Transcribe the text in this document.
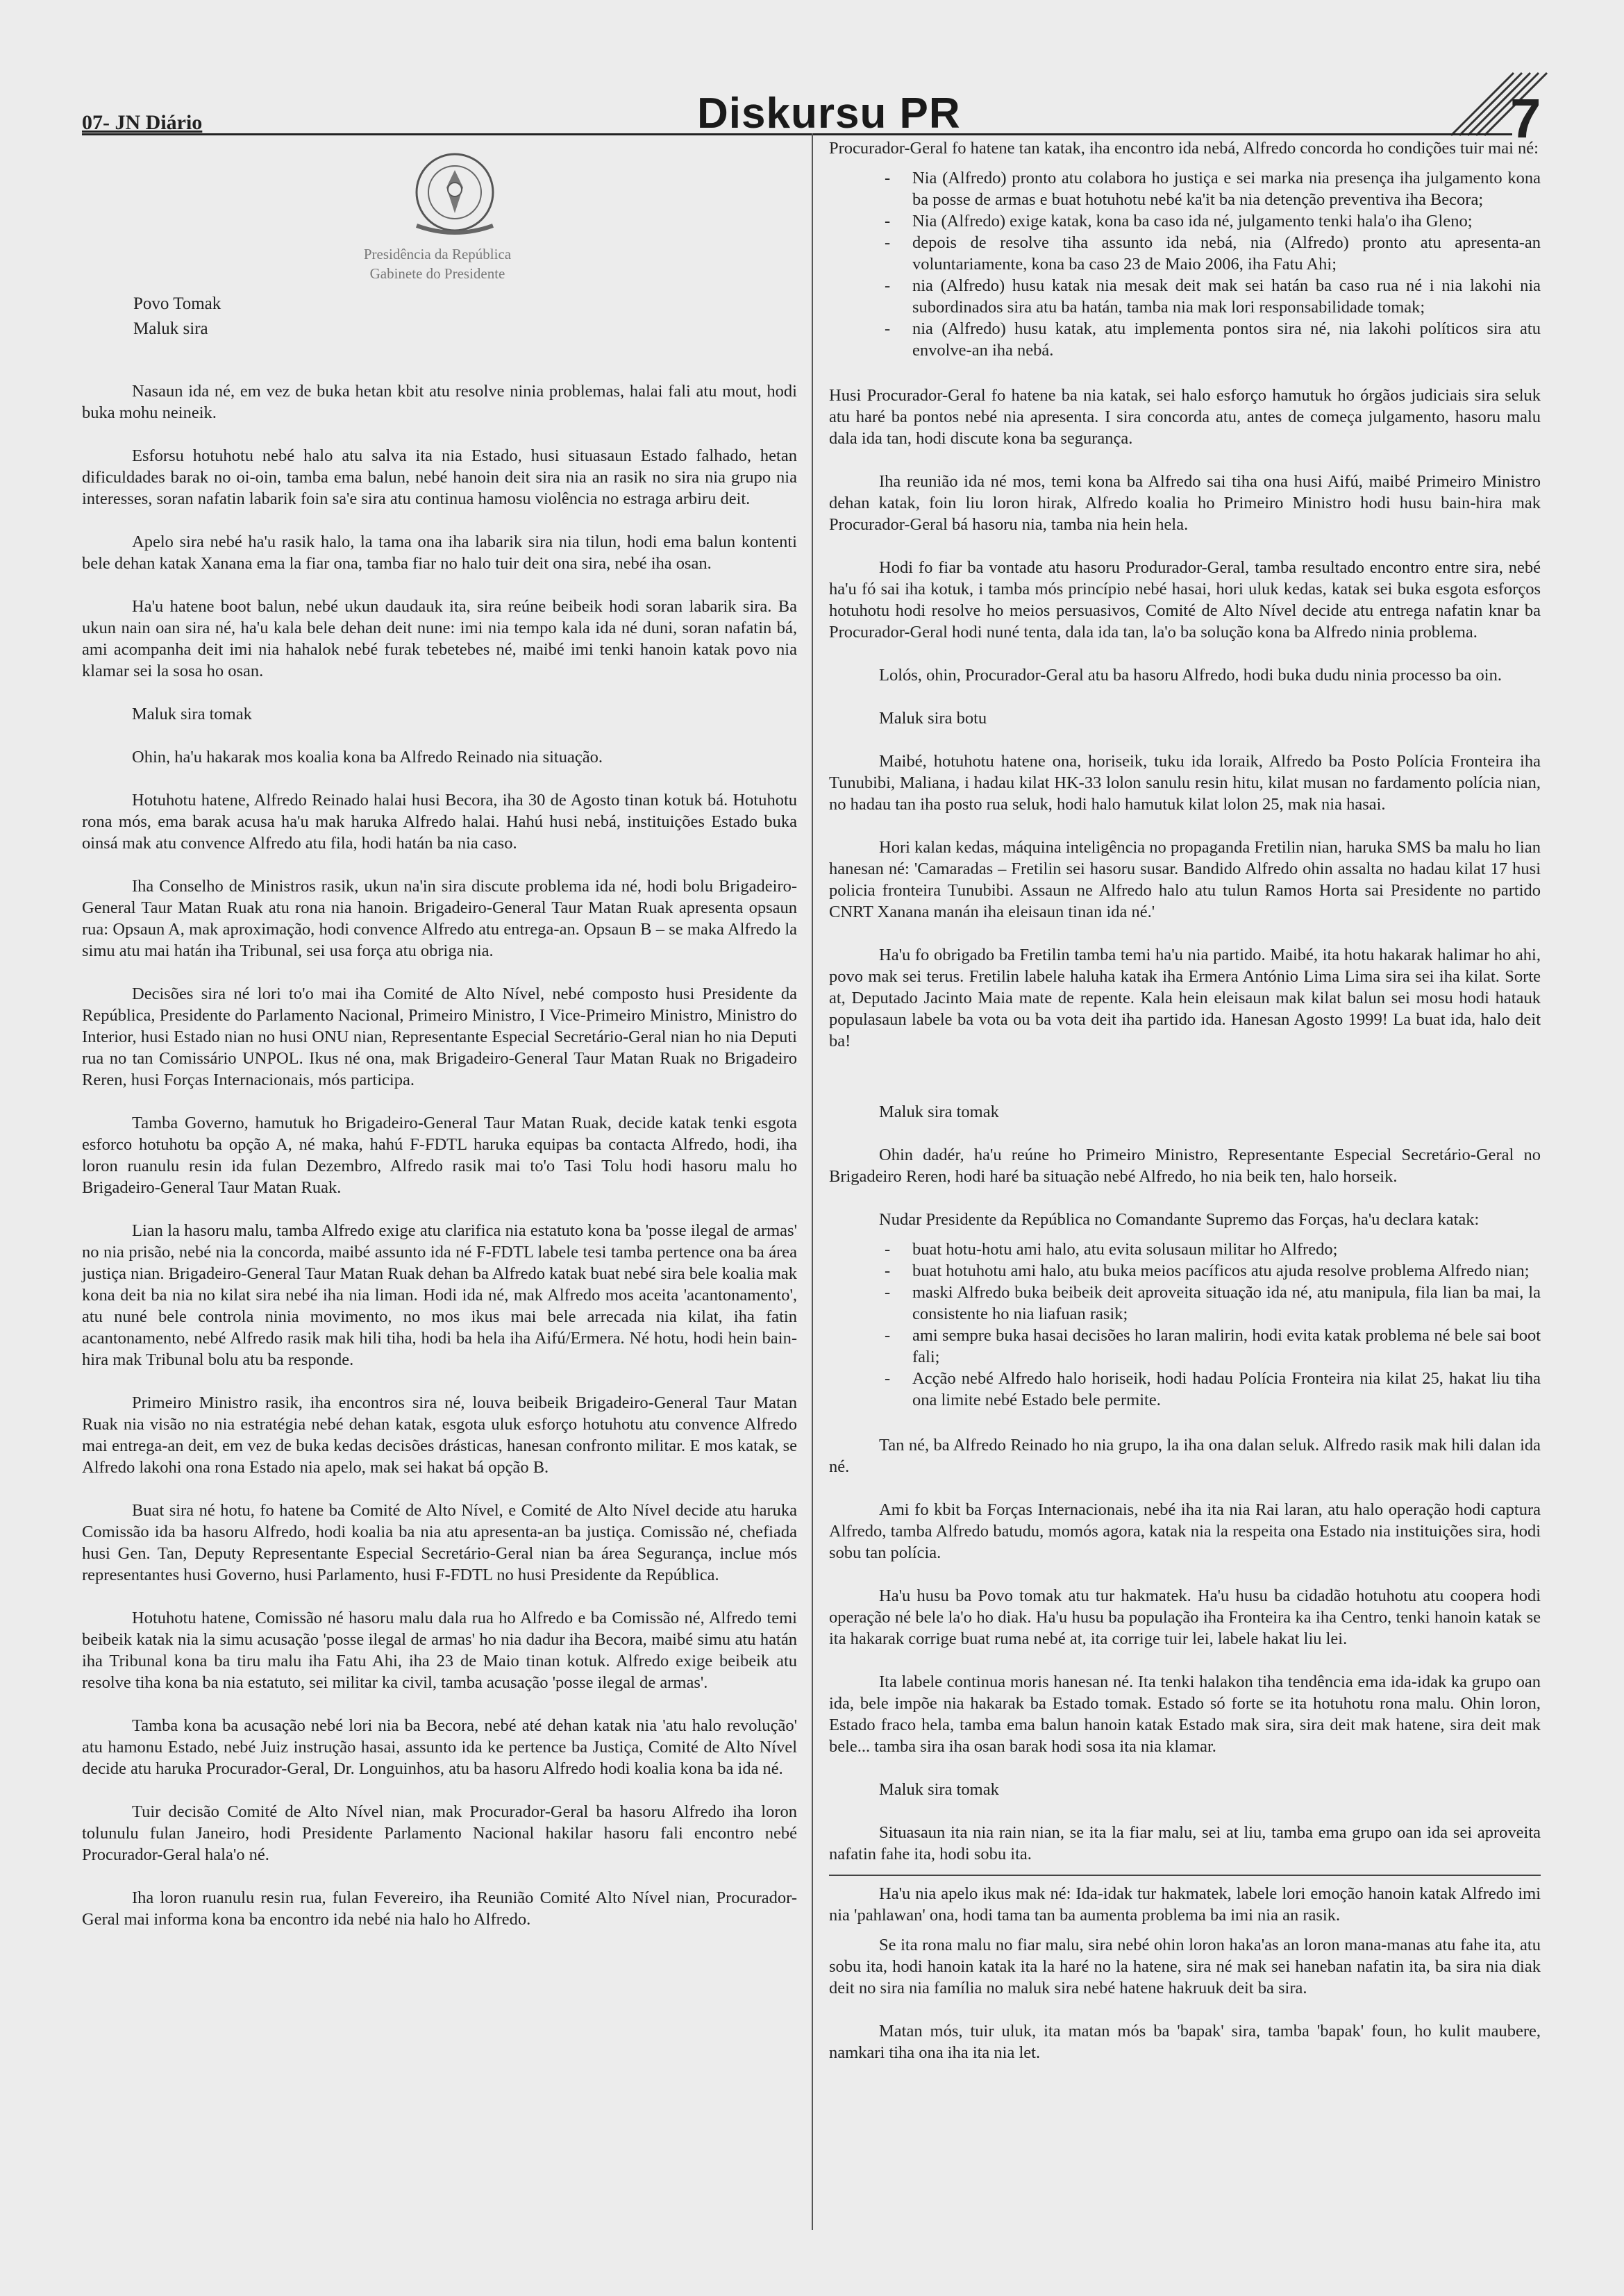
07- JN Diário	Diskursu PR	7
Presidência da República
Gabinete do Presidente
Povo Tomak
Maluk sira

Nasaun ida né, em vez de buka hetan kbit atu resolve ninia problemas, halai fali atu mout, hodi buka mohu neineik.

Esforsu hotuhotu nebé halo atu salva ita nia Estado, husi situasaun Estado falhado, hetan dificuldades barak no oi-oin, tamba ema balun, nebé hanoin deit sira nia an rasik no sira nia grupo nia interesses, soran nafatin labarik foin sa'e sira atu continua hamosu violência no estraga arbiru deit.

Apelo sira nebé ha'u rasik halo, la tama ona iha labarik sira nia tilun, hodi ema balun kontenti bele dehan katak Xanana ema la fiar ona, tamba fiar no halo tuir deit ona sira, nebé iha osan.

Ha'u hatene boot balun, nebé ukun daudauk ita, sira reúne beibeik hodi soran labarik sira. Ba ukun nain oan sira né, ha'u kala bele dehan deit nune: imi nia tempo kala ida né duni, soran nafatin bá, ami acompanha deit imi nia hahalok nebé furak tebetebes né, maibé imi tenki hanoin katak povo nia klamar sei la sosa ho osan.

Maluk sira tomak

Ohin, ha'u hakarak mos koalia kona ba Alfredo Reinado nia situação.

Hotuhotu hatene, Alfredo Reinado halai husi Becora, iha 30 de Agosto tinan kotuk bá. Hotuhotu rona mós, ema barak acusa ha'u mak haruka Alfredo halai. Hahú husi nebá, instituições Estado buka oinsá mak atu convence Alfredo atu fila, hodi hatán ba nia caso.

Iha Conselho de Ministros rasik, ukun na'in sira discute problema ida né, hodi bolu Brigadeiro-General Taur Matan Ruak atu rona nia hanoin. Brigadeiro-General Taur Matan Ruak apresenta opsaun rua: Opsaun A, mak aproximação, hodi convence Alfredo atu entrega-an. Opsaun B – se maka Alfredo la simu atu mai hatán iha Tribunal, sei usa força atu obriga nia.

Decisões sira né lori to'o mai iha Comité de Alto Nível, nebé composto husi Presidente da República, Presidente do Parlamento Nacional, Primeiro Ministro, I Vice-Primeiro Ministro, Ministro do Interior, husi Estado nian no husi ONU nian, Representante Especial Secretário-Geral nian ho nia Deputi rua no tan Comissário UNPOL. Ikus né ona, mak Brigadeiro-General Taur Matan Ruak no Brigadeiro Reren, husi Forças Internacionais, mós participa.

Tamba Governo, hamutuk ho Brigadeiro-General Taur Matan Ruak, decide katak tenki esgota esforco hotuhotu ba opção A, né maka, hahú F-FDTL haruka equipas ba contacta Alfredo, hodi, iha loron ruanulu resin ida fulan Dezembro, Alfredo rasik mai to'o Tasi Tolu hodi hasoru malu ho Brigadeiro-General Taur Matan Ruak.

Lian la hasoru malu, tamba Alfredo exige atu clarifica nia estatuto kona ba 'posse ilegal de armas' no nia prisão, nebé nia la concorda, maibé assunto ida né F-FDTL labele tesi tamba pertence ona ba área justiça nian. Brigadeiro-General Taur Matan Ruak dehan ba Alfredo katak buat nebé sira bele koalia mak kona deit ba nia no kilat sira nebé iha nia liman. Hodi ida né, mak Alfredo mos aceita 'acantonamento', atu nuné bele controla ninia movimento, no mos ikus mai bele arrecada nia kilat, iha fatin acantonamento, nebé Alfredo rasik mak hili tiha, hodi ba hela iha Aifú/Ermera. Né hotu, hodi hein bain-hira mak Tribunal bolu atu ba responde.

Primeiro Ministro rasik, iha encontros sira né, louva beibeik Brigadeiro-General Taur Matan Ruak nia visão no nia estratégia nebé dehan katak, esgota uluk esforço hotuhotu atu convence Alfredo mai entrega-an deit, em vez de buka kedas decisões drásticas, hanesan confronto militar. E mos katak, se Alfredo lakohi ona rona Estado nia apelo, mak sei hakat bá opção B.

Buat sira né hotu, fo hatene ba Comité de Alto Nível, e Comité de Alto Nível decide atu haruka Comissão ida ba hasoru Alfredo, hodi koalia ba nia atu apresenta-an ba justiça. Comissão né, chefiada husi Gen. Tan, Deputy Representante Especial Secretário-Geral nian ba área Segurança, inclue mós representantes husi Governo, husi Parlamento, husi F-FDTL no husi Presidente da República.

Hotuhotu hatene, Comissão né hasoru malu dala rua ho Alfredo e ba Comissão né, Alfredo temi beibeik katak nia la simu acusação 'posse ilegal de armas' ho nia dadur iha Becora, maibé simu atu hatán iha Tribunal kona ba tiru malu iha Fatu Ahi, iha 23 de Maio tinan kotuk. Alfredo exige beibeik atu resolve tiha kona ba nia estatuto, sei militar ka civil, tamba acusação 'posse ilegal de armas'.

Tamba kona ba acusação nebé lori nia ba Becora, nebé até dehan katak nia 'atu halo revolução' atu hamonu Estado, nebé Juiz instrução hasai, assunto ida ke pertence ba Justiça, Comité de Alto Nível decide atu haruka Procurador-Geral, Dr. Longuinhos, atu ba hasoru Alfredo hodi koalia kona ba ida né.

Tuir decisão Comité de Alto Nível nian, mak Procurador-Geral ba hasoru Alfredo iha loron tolunulu fulan Janeiro, hodi Presidente Parlamento Nacional hakilar hasoru fali encontro nebé Procurador-Geral hala'o né.

Iha loron ruanulu resin rua, fulan Fevereiro, iha Reunião Comité Alto Nível nian, Procurador-Geral mai informa kona ba encontro ida nebé nia halo ho Alfredo.

Procurador-Geral fo hatene tan katak, iha encontro ida nebá, Alfredo concorda ho condições tuir mai né:

- Nia (Alfredo) pronto atu colabora ho justiça e sei marka nia presença iha julgamento kona ba posse de armas e buat hotuhotu nebé ka'it ba nia detenção preventiva iha Becora;
- Nia (Alfredo) exige katak, kona ba caso ida né, julgamento tenki hala'o iha Gleno;
- depois de resolve tiha assunto ida nebá, nia (Alfredo) pronto atu apresenta-an voluntariamente, kona ba caso 23 de Maio 2006, iha Fatu Ahi;
- nia (Alfredo) husu katak nia mesak deit mak sei hatán ba caso rua né i nia lakohi nia subordinados sira atu ba hatán, tamba nia mak lori responsabilidade tomak;
- nia (Alfredo) husu katak, atu implementa pontos sira né, nia lakohi políticos sira atu envolve-an iha nebá.

Husi Procurador-Geral fo hatene ba nia katak, sei halo esforço hamutuk ho órgãos judiciais sira seluk atu haré ba pontos nebé nia apresenta. I sira concorda atu, antes de começa julgamento, hasoru malu dala ida tan, hodi discute kona ba segurança.

Iha reunião ida né mos, temi kona ba Alfredo sai tiha ona husi Aifú, maibé Primeiro Ministro dehan katak, foin liu loron hirak, Alfredo koalia ho Primeiro Ministro hodi husu bain-hira mak Procurador-Geral bá hasoru nia, tamba nia hein hela.

Hodi fo fiar ba vontade atu hasoru Produrador-Geral, tamba resultado encontro entre sira, nebé ha'u fó sai iha kotuk, i tamba mós princípio nebé hasai, hori uluk kedas, katak sei buka esgota esforços hotuhotu hodi resolve ho meios persuasivos, Comité de Alto Nível decide atu entrega nafatin knar ba Procurador-Geral hodi nuné tenta, dala ida tan, la'o ba solução kona ba Alfredo ninia problema.

Lolós, ohin, Procurador-Geral atu ba hasoru Alfredo, hodi buka dudu ninia processo ba oin.

Maluk sira botu

Maibé, hotuhotu hatene ona, horiseik, tuku ida loraik, Alfredo ba Posto Polícia Fronteira iha Tunubibi, Maliana, i hadau kilat HK-33 lolon sanulu resin hitu, kilat musan no fardamento polícia nian, no hadau tan iha posto rua seluk, hodi halo hamutuk kilat lolon 25, mak nia hasai.

Hori kalan kedas, máquina inteligência no propaganda Fretilin nian, haruka SMS ba malu ho lian hanesan né: 'Camaradas – Fretilin sei hasoru susar. Bandido Alfredo ohin assalta no hadau kilat 17 husi policia fronteira Tunubibi. Assaun ne Alfredo halo atu tulun Ramos Horta sai Presidente no partido CNRT Xanana manán iha eleisaun tinan ida né.'

Ha'u fo obrigado ba Fretilin tamba temi ha'u nia partido. Maibé, ita hotu hakarak halimar ho ahi, povo mak sei terus. Fretilin labele haluha katak iha Ermera António Lima Lima sira sei iha kilat. Sorte at, Deputado Jacinto Maia mate de repente. Kala hein eleisaun mak kilat balun sei mosu hodi hatauk populasaun labele ba vota ou ba vota deit iha partido ida. Hanesan Agosto 1999! La buat ida, halo deit ba!

Maluk sira tomak

Ohin dadér, ha'u reúne ho Primeiro Ministro, Representante Especial Secretário-Geral no Brigadeiro Reren, hodi haré ba situação nebé Alfredo, ho nia beik ten, halo horseik.

Nudar Presidente da República no Comandante Supremo das Forças, ha'u declara katak:

- buat hotu-hotu ami halo, atu evita solusaun militar ho Alfredo;
- buat hotuhotu ami halo, atu buka meios pacíficos atu ajuda resolve problema Alfredo nian;
- maski Alfredo buka beibeik deit aproveita situação ida né, atu manipula, fila lian ba mai, la consistente ho nia liafuan rasik;
- ami sempre buka hasai decisões ho laran malirin, hodi evita katak problema né bele sai boot fali;
- Acção nebé Alfredo halo horiseik, hodi hadau Polícia Fronteira nia kilat 25, hakat liu tiha ona limite nebé Estado bele permite.

Tan né, ba Alfredo Reinado ho nia grupo, la iha ona dalan seluk. Alfredo rasik mak hili dalan ida né.

Ami fo kbit ba Forças Internacionais, nebé iha ita nia Rai laran, atu halo operação hodi captura Alfredo, tamba Alfredo batudu, momós agora, katak nia la respeita ona Estado nia instituições sira, hodi sobu tan polícia.

Ha'u husu ba Povo tomak atu tur hakmatek. Ha'u husu ba cidadão hotuhotu atu coopera hodi operação né bele la'o ho diak. Ha'u husu ba população iha Fronteira ka iha Centro, tenki hanoin katak se ita hakarak corrige buat ruma nebé at, ita corrige tuir lei, labele hakat liu lei.

Ita labele continua moris hanesan né. Ita tenki halakon tiha tendência ema ida-idak ka grupo oan ida, bele impõe nia hakarak ba Estado tomak. Estado só forte se ita hotuhotu rona malu. Ohin loron, Estado fraco hela, tamba ema balun hanoin katak Estado mak sira, sira deit mak hatene, sira deit mak bele... tamba sira iha osan barak hodi sosa ita nia klamar.

Maluk sira tomak

Situasaun ita nia rain nian, se ita la fiar malu, sei at liu, tamba ema grupo oan ida sei aproveita nafatin fahe ita, hodi sobu ita.

Ha'u nia apelo ikus mak né: Ida-idak tur hakmatek, labele lori emoção hanoin katak Alfredo imi nia 'pahlawan' ona, hodi tama tan ba aumenta problema ba imi nia an rasik.

Se ita rona malu no fiar malu, sira nebé ohin loron haka'as an loron mana-manas atu fahe ita, atu sobu ita, hodi hanoin katak ita la haré no la hatene, sira né mak sei haneban nafatin ita, ba sira nia diak deit no sira nia família no maluk sira nebé hatene hakruuk deit ba sira.

Matan mós, tuir uluk, ita matan mós ba 'bapak' sira, tamba 'bapak' foun, ho kulit maubere, namkari tiha ona iha ita nia let.
